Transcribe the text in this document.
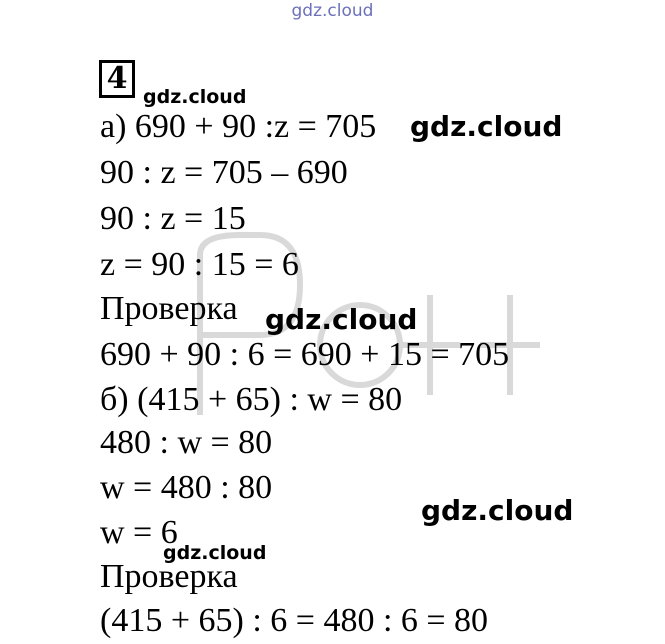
gdz.cloud
4
gdz.cloud
а) 690 + 90 :z = 705 gdz.cloud
90 : z = 705 – 690
90 : z = 15
z = 90 : 15 = 6
Проверка gdz.cloud
690 + 90 : 6 = 690 + 15 = 705
б) (415 + 65) : w = 80
480 : w = 80
w = 480 : 80
gdz.cloud
w = 6
gdz.cloud
Проверка
(415 + 65) : 6 = 480 : 6 = 80
